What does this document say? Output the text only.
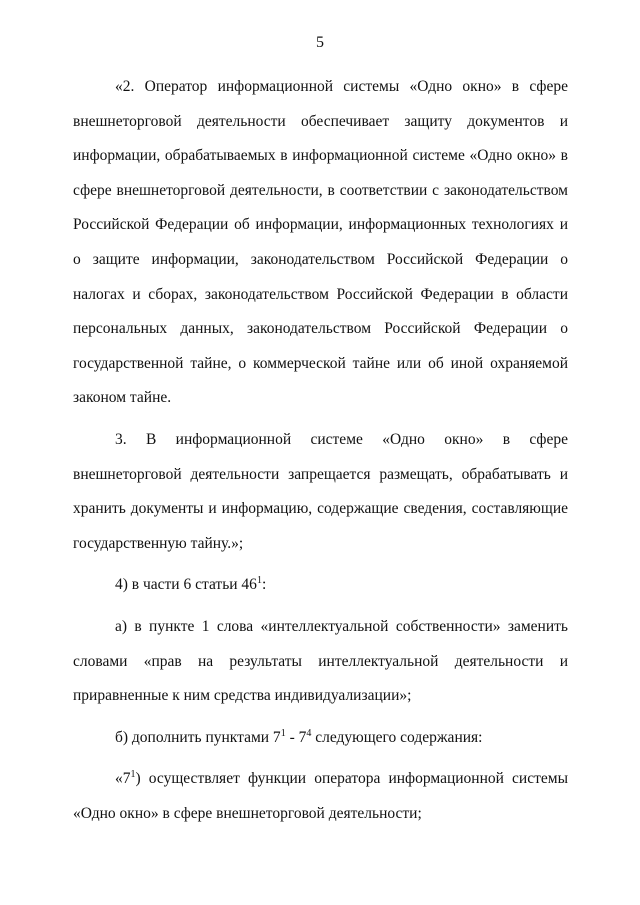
5

«2. Оператор информационной системы «Одно окно» в сфере внешнеторговой деятельности обеспечивает защиту документов и информации, обрабатываемых в информационной системе «Одно окно» в сфере внешнеторговой деятельности, в соответствии с законодательством Российской Федерации об информации, информационных технологиях и о защите информации, законодательством Российской Федерации о налогах и сборах, законодательством Российской Федерации в области персональных данных, законодательством Российской Федерации о государственной тайне, о коммерческой тайне или об иной охраняемой законом тайне.

3. В информационной системе «Одно окно» в сфере внешнеторговой деятельности запрещается размещать, обрабатывать и хранить документы и информацию, содержащие сведения, составляющие государственную тайну.»;

4) в части 6 статьи $46^1$:

а) в пункте 1 слова «интеллектуальной собственности» заменить словами «прав на результаты интеллектуальной деятельности и приравненные к ним средства индивидуализации»;

б) дополнить пунктами $7^1 - 7^4$ следующего содержания:

«$7^1$) осуществляет функции оператора информационной системы «Одно окно» в сфере внешнеторговой деятельности;
